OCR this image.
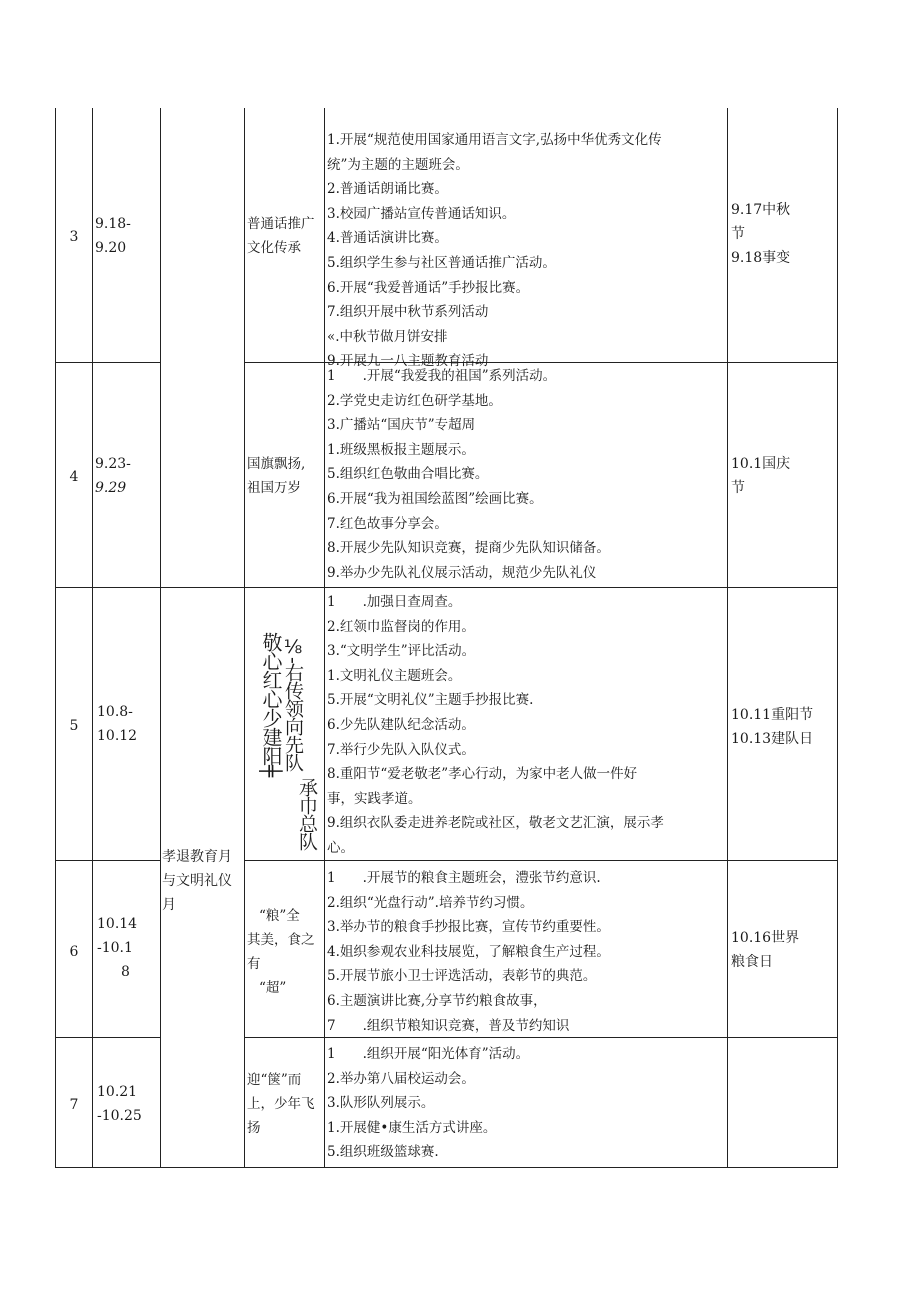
3
9.18-
9.20
普通话推广
文化传承
1.开展“规范使用国家通用语言文字,弘扬中华优秀文化传
统”为主题的主题班会。
2.普通话朗诵比赛。
3.校园广播站宣传普通话知识。
4.普通话演讲比赛。
5.组织学生参与社区普通话推广活动。
6.开展“我爱普通话”手抄报比赛。
7.组织开展中秋节系列活动
«.中秋节做月饼安排
9.开展九一八主题教育活动
9.17中秋
节
9.18事变
4
9.23-
9.29
国旗飘扬,
祖国万岁
1　　.开展“我爱我的祖国”系列活动。
2.学党史走访红色研学基地。
3.广播站“国庆节”专超周
1.班级黑板报主题展示。
5.组织红色敬曲合唱比赛。
6.开展“我为祖国绘蓝图”绘画比赛。
7.红色故事分享会。
8.开展少先队知识竞赛，提商少先队知识储备。
9.举办少先队礼仪展示活动，规范少先队礼仪
10.1国庆
节
5
10.8-
10.12	敬心红心少建阳╪ ⅛-右传领向先队
承巾总队
1　　.加强日查周查。
2.红领巾监督岗的作用。
3.“文明学生”评比活动。
1.文明礼仪主题班会。
5.开展“文明礼仪”主题手抄报比赛.
6.少先队建队纪念活动。
7.举行少先队入队仪式。
8.重阳节“爱老敬老”孝心行动，为家中老人做一件好
事，实践孝道。
9.组织衣队委走进养老院或社区，敬老文艺汇演，展示孝
心。
10.11重阳节
10.13建队日
孝退教育月
与文明礼仪
月
6
10.14
-10.1
8
“粮”全
其美，食之
有
“超”
1　　.开展节的粮食主题班会，澧张节约意识.
2.组织“光盘行动”.培养节约习惯。
3.举办节的粮食手抄报比赛，宣传节约重要性。
4.姐织参观农业科技展览，了解粮食生产过程。
5.开展节旅小卫士评选活动，表彰节的典范。
6.主题演讲比赛,分享节约粮食故事，
7　　.组织节粮知识竞赛，普及节约知识
10.16世界
粮食日
7
10.21
-10.25
迎“箧”而
上，少年飞
扬
1　　.组织开展“阳光体育”活动。
2.举办第八届校运动会。
3.队形队列展示。
1.开展健•康生活方式讲座。
5.组织班级篮球赛.
